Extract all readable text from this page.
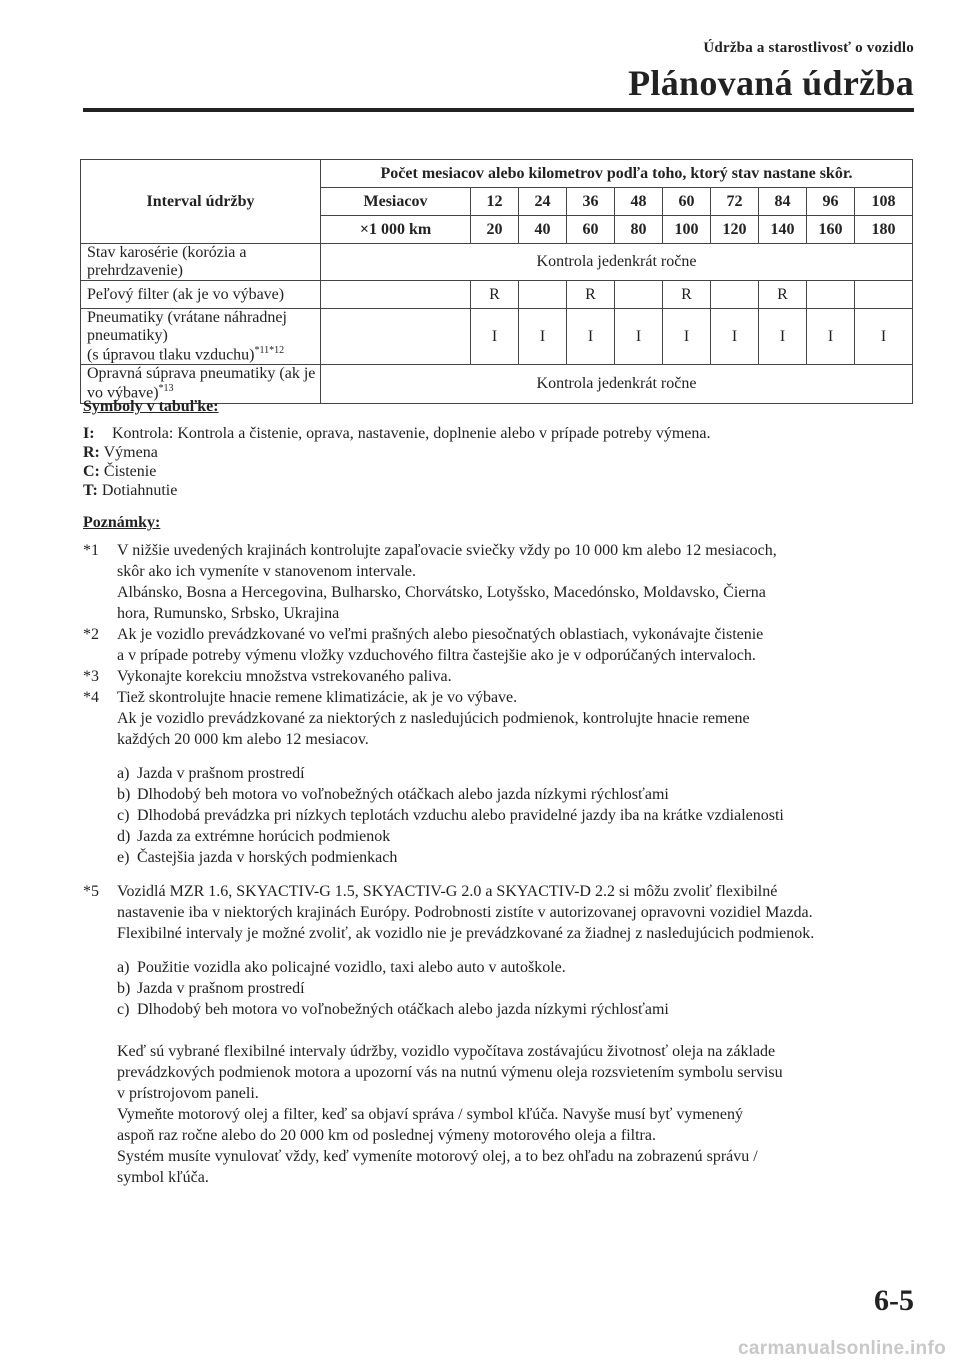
Údržba a starostlivosť o vozidlo
Plánovaná údržba
Interval údržby	Počet mesiacov alebo kilometrov podľa toho, ktorý stav nastane skôr.									
	Mesiacov	12	24	36	48	60	72	84	96	108
	×1 000 km	20	40	60	80	100	120	140	160	180
Stav karosérie (korózia a prehrdzavenie)	Kontrola jedenkrát ročne									
Peľový filter (ak je vo výbave)		R		R		R		R		
Pneumatiky (vrátane náhradnej pneumatiky)
(s úpravou tlaku vzduchu)$^{*11*12}$		I	I	I	I	I	I	I	I	I
Opravná súprava pneumatiky (ak je vo výbave)$^{*13}$	Kontrola jedenkrát ročne									
Symboly v tabuľke:
I: Kontrola: Kontrola a čistenie, oprava, nastavenie, doplnenie alebo v prípade potreby výmena.
R: Výmena
C: Čistenie
T: Dotiahnutie
Poznámky:
*1	V nižšie uvedených krajinách kontrolujte zapaľovacie sviečky vždy po 10 000 km alebo 12 mesiacoch,
skôr ako ich vymeníte v stanovenom intervale.
Albánsko, Bosna a Hercegovina, Bulharsko, Chorvátsko, Lotyšsko, Macedónsko, Moldavsko, Čierna
hora, Rumunsko, Srbsko, Ukrajina
*2	Ak je vozidlo prevádzkované vo veľmi prašných alebo piesočnatých oblastiach, vykonávajte čistenie
a v prípade potreby výmenu vložky vzduchového filtra častejšie ako je v odporúčaných intervaloch.
*3	Vykonajte korekciu množstva vstrekovaného paliva.
*4	Tiež skontrolujte hnacie remene klimatizácie, ak je vo výbave.
Ak je vozidlo prevádzkované za niektorých z nasledujúcich podmienok, kontrolujte hnacie remene
každých 20 000 km alebo 12 mesiacov.
a) Jazda v prašnom prostredí
b) Dlhodobý beh motora vo voľnobežných otáčkach alebo jazda nízkymi rýchlosťami
c) Dlhodobá prevádzka pri nízkych teplotách vzduchu alebo pravidelné jazdy iba na krátke vzdialenosti
d) Jazda za extrémne horúcich podmienok
e) Častejšia jazda v horských podmienkach
*5	Vozidlá MZR 1.6, SKYACTIV-G 1.5, SKYACTIV-G 2.0 a SKYACTIV-D 2.2 si môžu zvoliť flexibilné
nastavenie iba v niektorých krajinách Európy. Podrobnosti zistíte v autorizovanej opravovni vozidiel Mazda.
Flexibilné intervaly je možné zvoliť, ak vozidlo nie je prevádzkované za žiadnej z nasledujúcich podmienok.
a) Použitie vozidla ako policajné vozidlo, taxi alebo auto v autoškole.
b) Jazda v prašnom prostredí
c) Dlhodobý beh motora vo voľnobežných otáčkach alebo jazda nízkymi rýchlosťami
Keď sú vybrané flexibilné intervaly údržby, vozidlo vypočítava zostávajúcu životnosť oleja na základe
prevádzkových podmienok motora a upozorní vás na nutnú výmenu oleja rozsvietením symbolu servisu
v prístrojovom paneli.
Vymeňte motorový olej a filter, keď sa objaví správa / symbol kľúča. Navyše musí byť vymenený
aspoň raz ročne alebo do 20 000 km od poslednej výmeny motorového oleja a filtra.
Systém musíte vynulovať vždy, keď vymeníte motorový olej, a to bez ohľadu na zobrazenú správu /
symbol kľúča.
6-5
carmanualsonline.info
